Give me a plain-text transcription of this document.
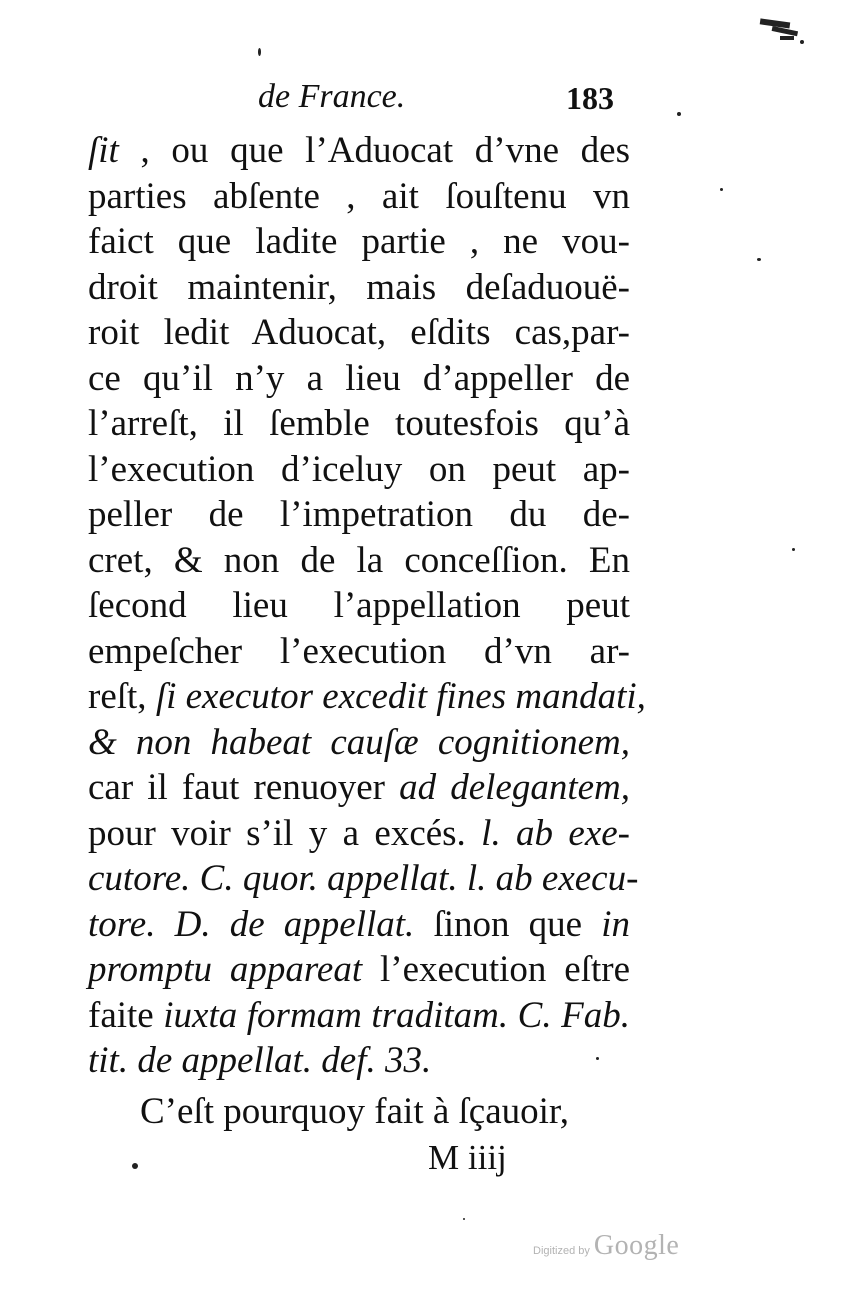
de France.	183
ſit , ou que l’Aduocat d’vne des
parties abſente , ait ſouſtenu vn
faict que ladite partie , ne vou-
droit maintenir, mais deſaduouë-
roit ledit Aduocat, eſdits cas,par-
ce qu’il n’y a lieu d’appeller de
l’arreſt, il ſemble toutesfois qu’à
l’execution d’iceluy on peut ap-
peller de l’impetration du de-
cret, & non de la conceſſion. En
ſecond lieu l’appellation peut
empeſcher l’execution d’vn ar-
reſt, ſi executor excedit fines mandati,
& non habeat cauſæ cognitionem,
car il faut renuoyer ad delegantem,
pour voir s’il y a excés. l. ab exe-
cutore. C. quor. appellat. l. ab execu-
tore. D. de appellat. ſinon que in
promptu appareat l’execution eſtre
faite iuxta formam traditam. C. Fab.
tit. de appellat. def. 33.
C’eſt pourquoy fait à ſçauoir,
M iiij
Digitized by Google
